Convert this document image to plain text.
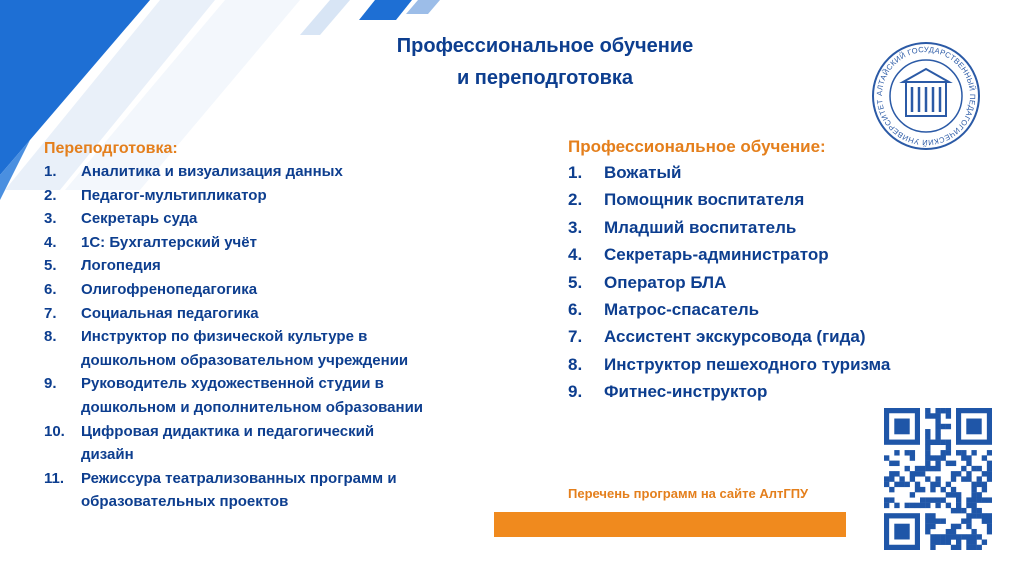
Профессиональное обучение
и переподготовка
АЛТАЙСКИЙ ГОСУДАРСТВЕННЫЙ ПЕДАГОГИЧЕСКИЙ УНИВЕРСИТЕТ
Переподготовка:
1.	Аналитика и визуализация данных
2.	Педагог-мультипликатор
3.	Секретарь суда
4.	1С: Бухгалтерский учёт
5.	Логопедия
6.	Олигофренопедагогика
7.	Социальная педагогика
8.	Инструктор по физической культуре в
дошкольном образовательном учреждении
9.	Руководитель художественной студии в
дошкольном и дополнительном образовании
10.	Цифровая дидактика и педагогический
дизайн
11.	Режиссура театрализованных программ и
образовательных проектов
Профессиональное обучение:
1.	Вожатый
2.	Помощник воспитателя
3.	Младший воспитатель
4.	Секретарь-администратор
5.	Оператор БЛА
6.	Матрос-спасатель
7.	Ассистент экскурсовода (гида)
8.	Инструктор пешеходного туризма
9.	Фитнес-инструктор
Перечень программ на сайте АлтГПУ
